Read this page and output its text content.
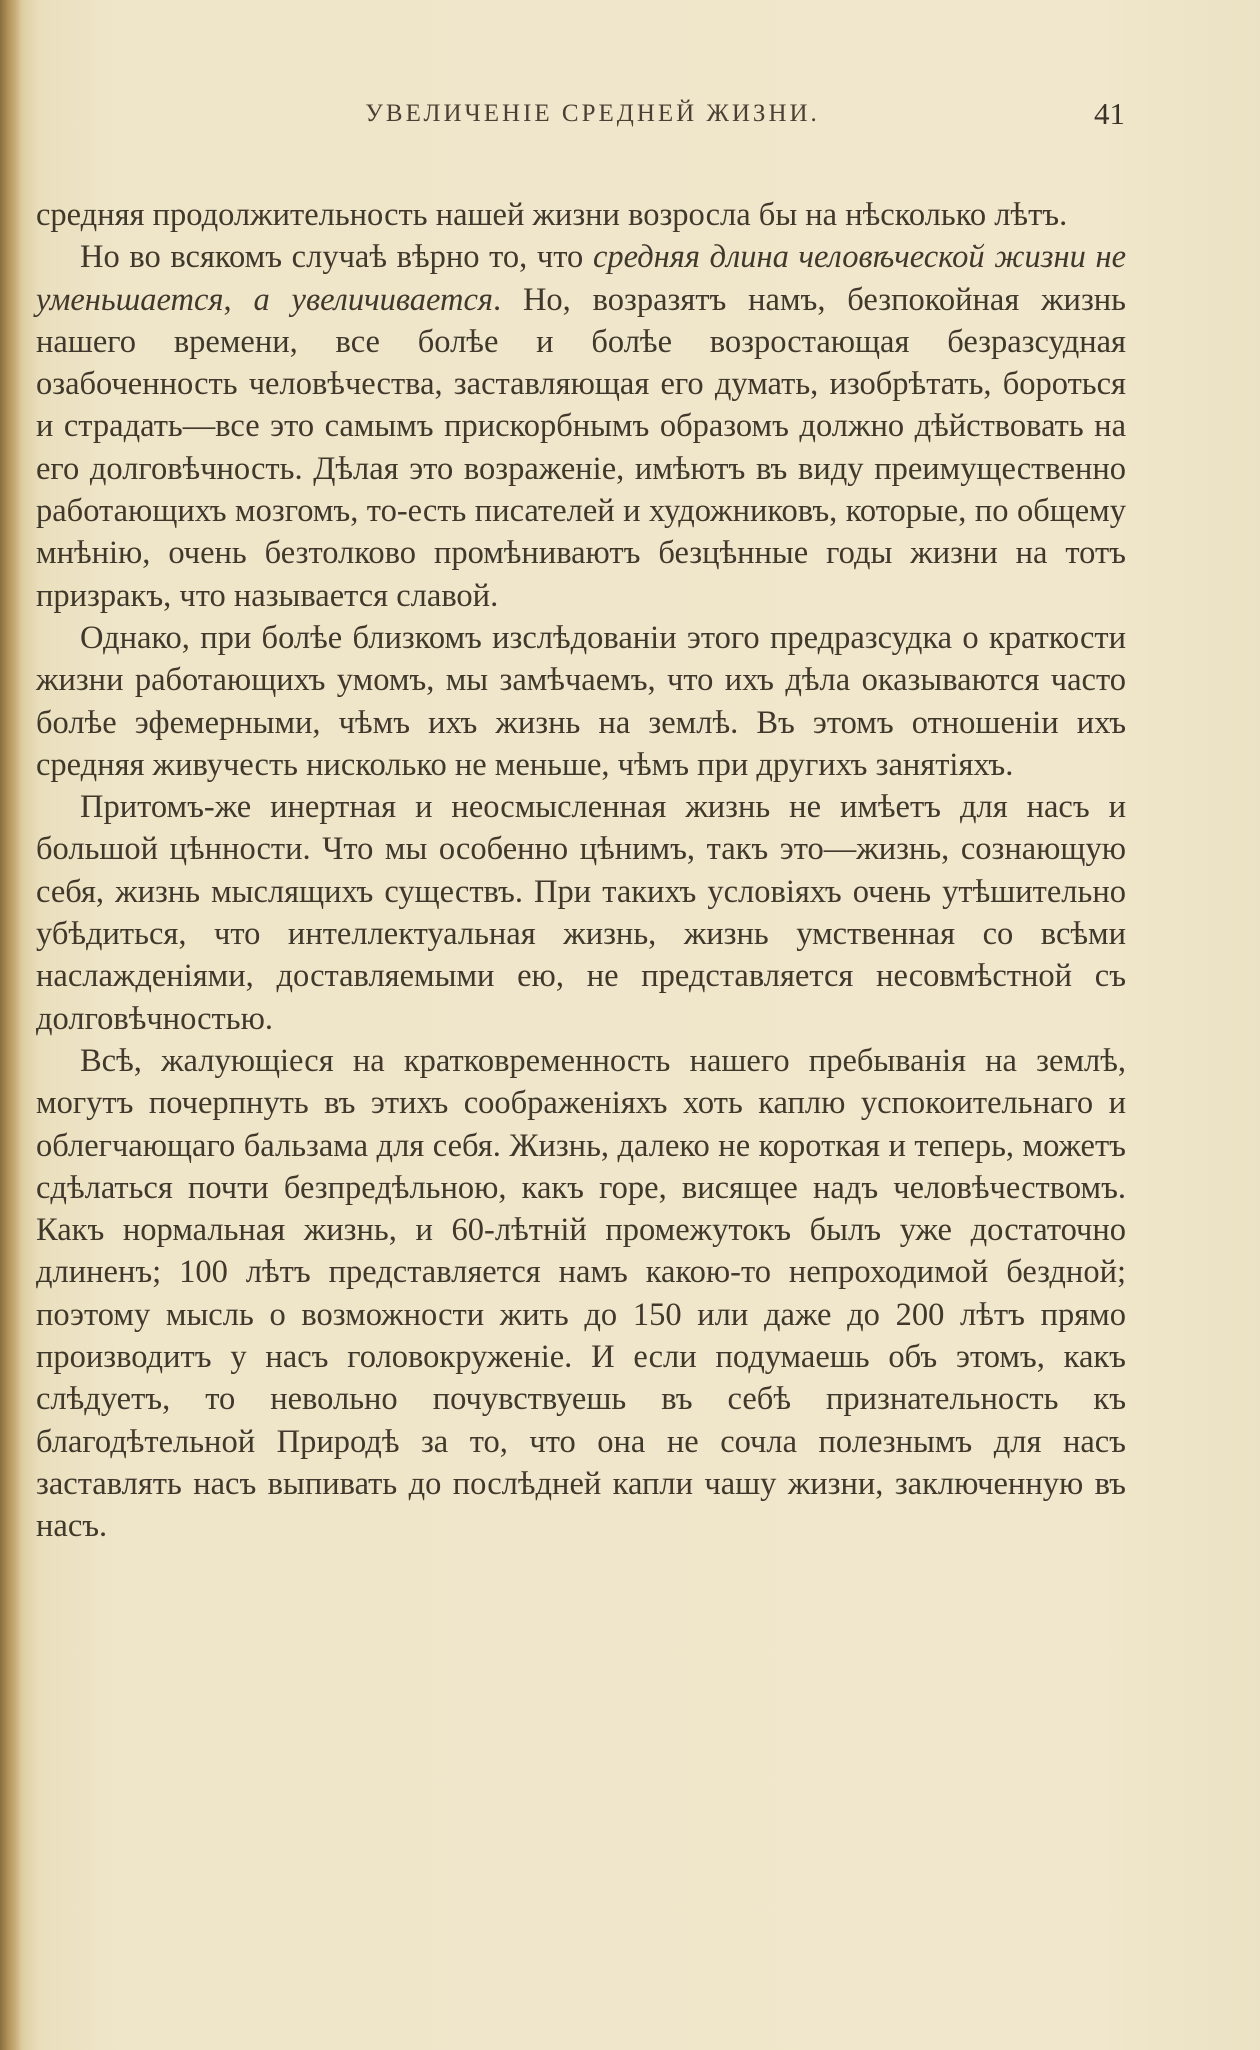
УВЕЛИЧЕНІЕ СРЕДНЕЙ ЖИЗНИ.	41

средняя продолжительность нашей жизни возросла бы на нѣсколько лѣтъ.

Но во всякомъ случаѣ вѣрно то, что средняя длина человѣческой жизни не уменьшается, а увеличивается. Но, возразятъ намъ, безпокойная жизнь нашего времени, все болѣе и болѣе возростающая безразсудная озабоченность человѣчества, заставляющая его думать, изобрѣтать, бороться и страдать—все это самымъ прискорбнымъ образомъ должно дѣйствовать на его долговѣчность. Дѣлая это возраженіе, имѣютъ въ виду преимущественно работающихъ мозгомъ, то-есть писателей и художниковъ, которые, по общему мнѣнію, очень безтолково промѣниваютъ безцѣнные годы жизни на тотъ призракъ, что называется славой.

Однако, при болѣе близкомъ изслѣдованіи этого предразсудка о краткости жизни работающихъ умомъ, мы замѣчаемъ, что ихъ дѣла оказываются часто болѣе эфемерными, чѣмъ ихъ жизнь на землѣ. Въ этомъ отношеніи ихъ средняя живучесть нисколько не меньше, чѣмъ при другихъ занятіяхъ.

Притомъ-же инертная и неосмысленная жизнь не имѣетъ для насъ и большой цѣнности. Что мы особенно цѣнимъ, такъ это—жизнь, сознающую себя, жизнь мыслящихъ существъ. При такихъ условіяхъ очень утѣшительно убѣдиться, что интеллектуальная жизнь, жизнь умственная со всѣми наслажденіями, доставляемыми ею, не представляется несовмѣстной съ долговѣчностью.

Всѣ, жалующіеся на кратковременность нашего пребыванія на землѣ, могутъ почерпнуть въ этихъ соображеніяхъ хоть каплю успокоительнаго и облегчающаго бальзама для себя. Жизнь, далеко не короткая и теперь, можетъ сдѣлаться почти безпредѣльною, какъ горе, висящее надъ человѣчествомъ. Какъ нормальная жизнь, и 60-лѣтній промежутокъ былъ уже достаточно длиненъ; 100 лѣтъ представляется намъ какою-то непроходимой бездной; поэтому мысль о возможности жить до 150 или даже до 200 лѣтъ прямо производитъ у насъ головокруженіе. И если подумаешь объ этомъ, какъ слѣдуетъ, то невольно почувствуешь въ себѣ признательность къ благодѣтельной Природѣ за то, что она не сочла полезнымъ для насъ заставлять насъ выпивать до послѣдней капли чашу жизни, заключенную въ насъ.
